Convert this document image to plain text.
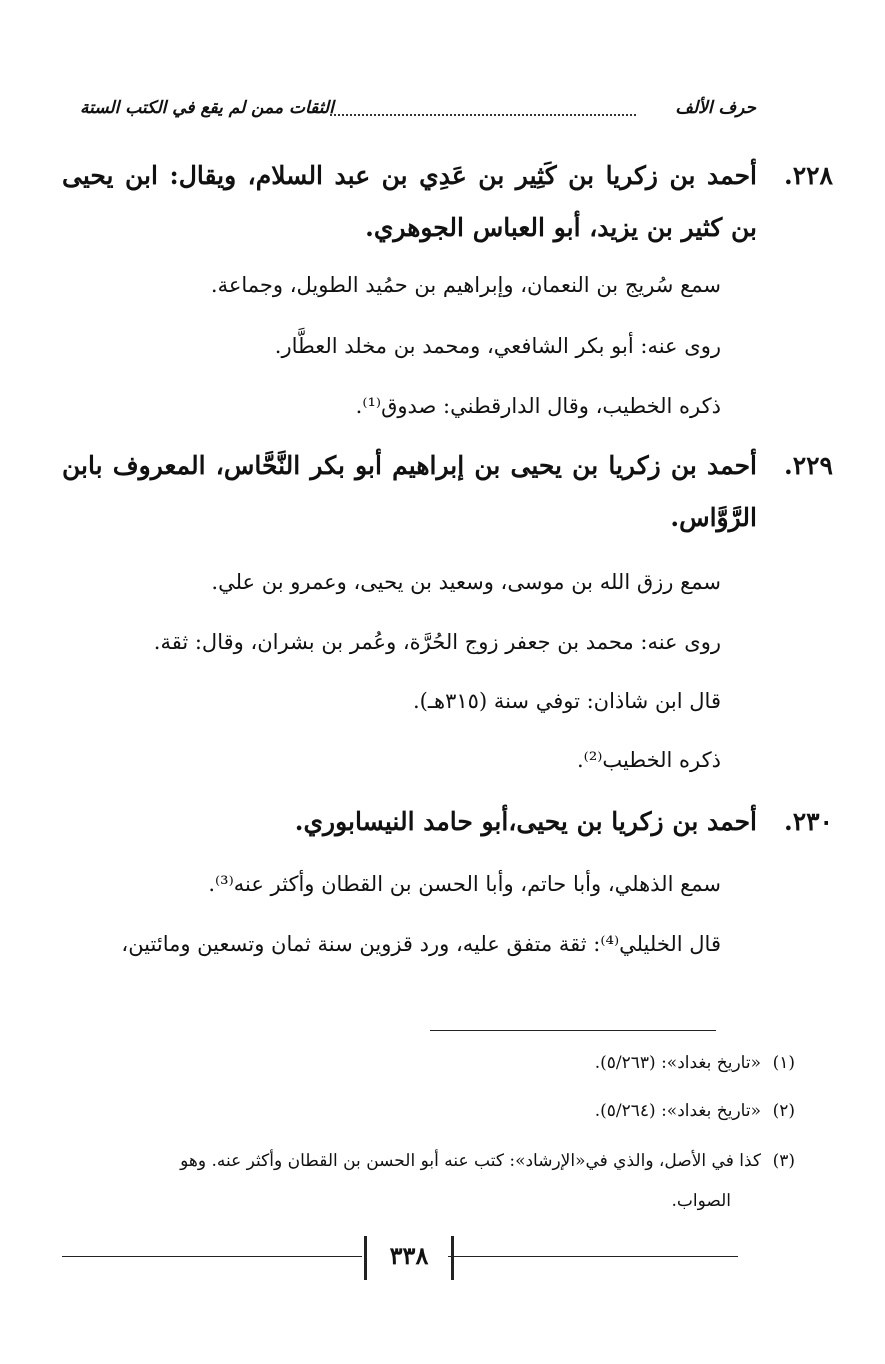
حرف الألف
الثقات ممن لم يقع في الكتب الستة
٢٢٨.
أحمد بن زكريا بن كَثِير بن عَدِي بن عبد السلام، ويقال: ابن يحيى بن كثير بن يزيد، أبو العباس الجوهري.
سمع سُريج بن النعمان، وإبراهيم بن حمُيد الطويل، وجماعة.
روى عنه: أبو بكر الشافعي، ومحمد بن مخلد العطَّار.
ذكره الخطيب، وقال الدارقطني: صدوق⁽¹⁾.
٢٢٩.
أحمد بن زكريا بن يحيى بن إبراهيم أبو بكر النَّحَّاس، المعروف بابن الرَّوَّاس.
سمع رزق الله بن موسى، وسعيد بن يحيى، وعمرو بن علي.
روى عنه: محمد بن جعفر زوج الحُرَّة، وعُمر بن بشران، وقال: ثقة.
قال ابن شاذان: توفي سنة (٣١٥هـ).
ذكره الخطيب⁽²⁾.
٢٣٠.
أحمد بن زكريا بن يحيى،أبو حامد النيسابوري.
سمع الذهلي، وأبا حاتم، وأبا الحسن بن القطان وأكثر عنه⁽³⁾.
قال الخليلي⁽⁴⁾: ثقة متفق عليه، ورد قزوين سنة ثمان وتسعين ومائتين،
(١)
«تاريخ بغداد»: (٥/٢٦٣).
(٢)
«تاريخ بغداد»: (٥/٢٦٤).
(٣)
كذا في الأصل، والذي في«الإرشاد»: كتب عنه أبو الحسن بن القطان وأكثر عنه. وهو
الصواب.
٣٣٨
